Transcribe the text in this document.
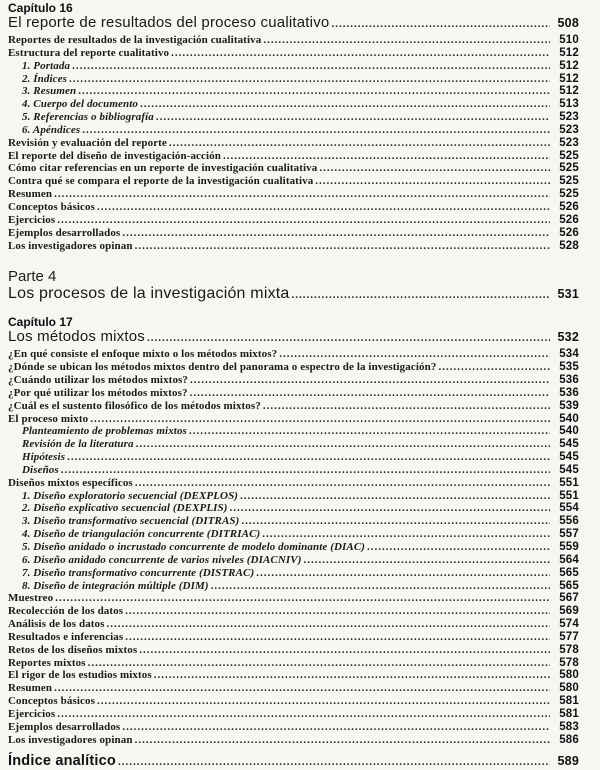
Capítulo 16
El reporte de resultados del proceso cualitativo .....	508
Reportes de resultados de la investigación cualitativa .....	510
Estructura del reporte cualitativo .....	512
1. Portada .....	512
2. Índices .....	512
3. Resumen .....	512
4. Cuerpo del documento .....	513
5. Referencias o bibliografía .....	523
6. Apéndices .....	523
Revisión y evaluación del reporte .....	523
El reporte del diseño de investigación-acción .....	525
Cómo citar referencias en un reporte de investigación cualitativa .....	525
Contra qué se compara el reporte de la investigación cualitativa .....	525
Resumen .....	525
Conceptos básicos .....	526
Ejercicios .....	526
Ejemplos desarrollados .....	526
Los investigadores opinan .....	528
Parte 4
Los procesos de la investigación mixta .....	531
Capítulo 17
Los métodos mixtos .....	532
¿En qué consiste el enfoque mixto o los métodos mixtos? .....	534
¿Dónde se ubican los métodos mixtos dentro del panorama o espectro de la investigación? .....	535
¿Cuándo utilizar los métodos mixtos? .....	536
¿Por qué utilizar los métodos mixtos? .....	536
¿Cuál es el sustento filosófico de los métodos mixtos? .....	539
El proceso mixto .....	540
Planteamiento de problemas mixtos .....	540
Revisión de la literatura .....	545
Hipótesis .....	545
Diseños .....	545
Diseños mixtos específicos .....	551
1. Diseño exploratorio secuencial (DEXPLOS) .....	551
2. Diseño explicativo secuencial (DEXPLIS) .....	554
3. Diseño transformativo secuencial (DITRAS) .....	556
4. Diseño de triangulación concurrente (DITRIAC) .....	557
5. Diseño anidado o incrustado concurrente de modelo dominante (DIAC) .....	559
6. Diseño anidado concurrente de varios niveles (DIACNIV) .....	564
7. Diseño transformativo concurrente (DISTRAC) .....	565
8. Diseño de integración múltiple (DIM) .....	565
Muestreo .....	567
Recolección de los datos .....	569
Análisis de los datos .....	574
Resultados e inferencias .....	577
Retos de los diseños mixtos .....	578
Reportes mixtos .....	578
El rigor de los estudios mixtos .....	580
Resumen .....	580
Conceptos básicos .....	581
Ejercicios .....	581
Ejemplos desarrollados .....	583
Los investigadores opinan .....	586
Índice analítico .....	589
